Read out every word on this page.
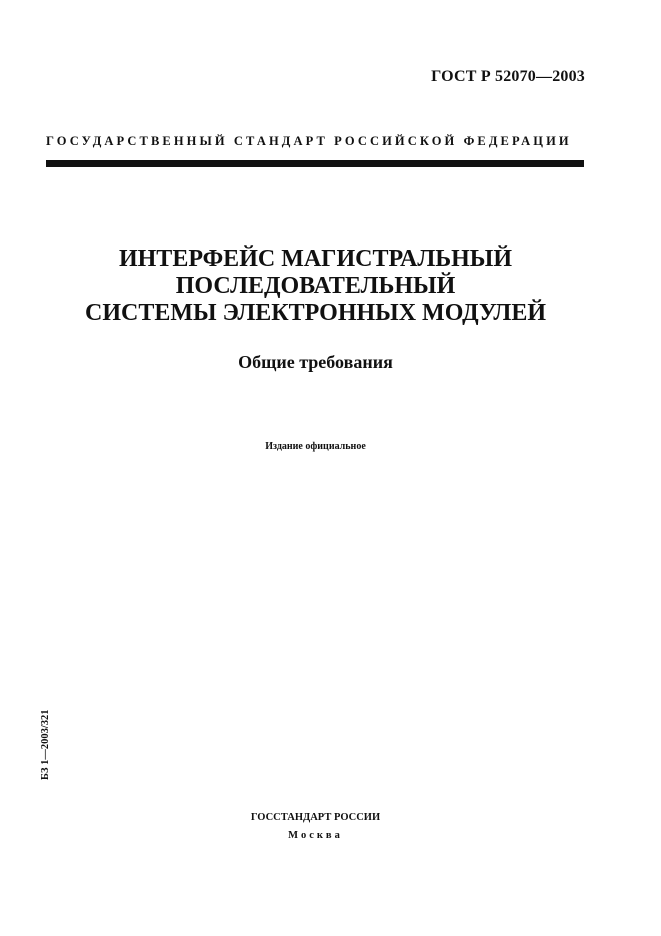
ГОСТ Р 52070—2003
ГОСУДАРСТВЕННЫЙ СТАНДАРТ РОССИЙСКОЙ ФЕДЕРАЦИИ
ИНТЕРФЕЙС МАГИСТРАЛЬНЫЙ
ПОСЛЕДОВАТЕЛЬНЫЙ
СИСТЕМЫ ЭЛЕКТРОННЫХ МОДУЛЕЙ
Общие требования
Издание официальное
БЗ 1—2003/321
ГОССТАНДАРТ РОССИИ
Москва
